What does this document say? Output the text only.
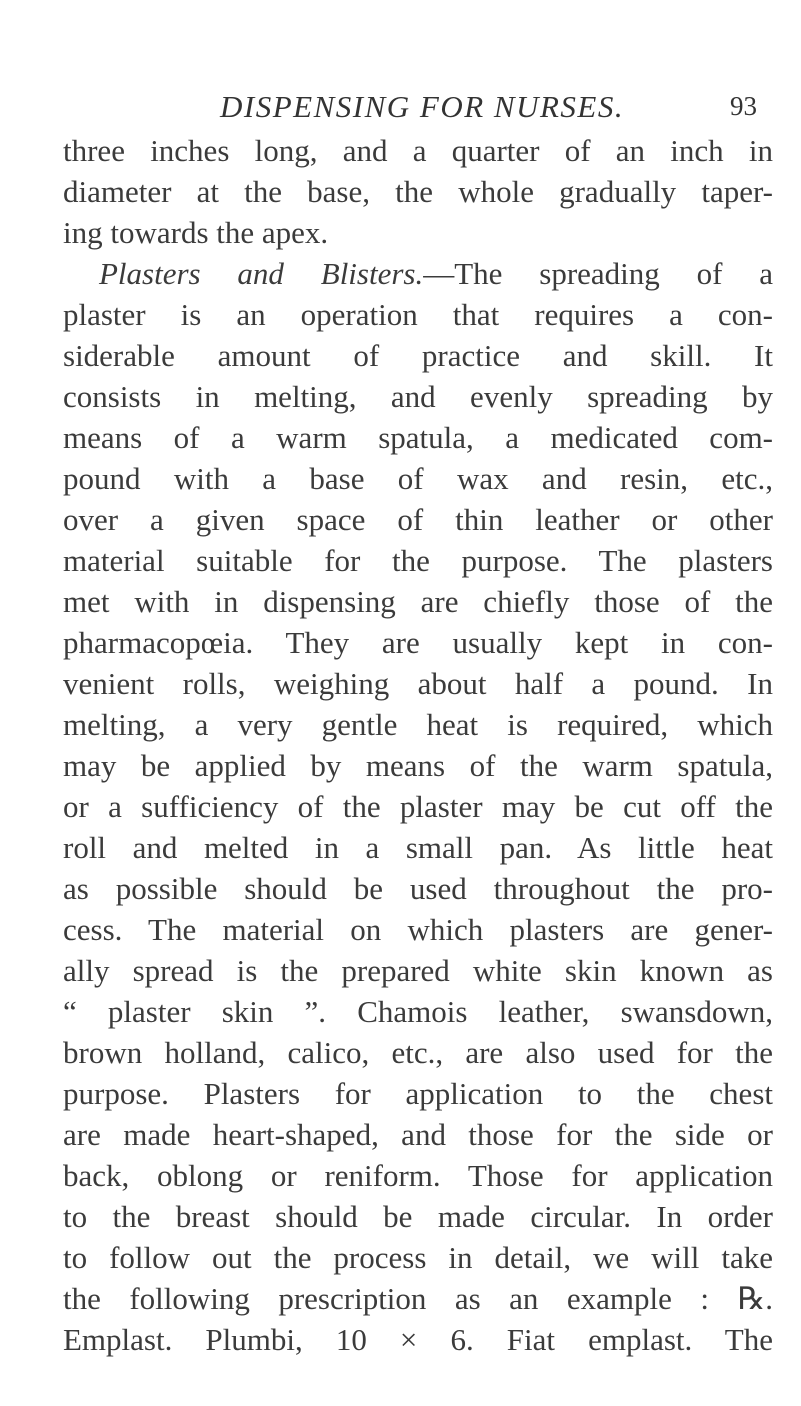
DISPENSING FOR NURSES.	93
three inches long, and a quarter of an inch in
diameter at the base, the whole gradually taper-
ing towards the apex.
Plasters and Blisters.—The spreading of a
plaster is an operation that requires a con-
siderable amount of practice and skill. It
consists in melting, and evenly spreading by
means of a warm spatula, a medicated com-
pound with a base of wax and resin, etc.,
over a given space of thin leather or other
material suitable for the purpose. The plasters
met with in dispensing are chiefly those of the
pharmacopœia. They are usually kept in con-
venient rolls, weighing about half a pound. In
melting, a very gentle heat is required, which
may be applied by means of the warm spatula,
or a sufficiency of the plaster may be cut off the
roll and melted in a small pan. As little heat
as possible should be used throughout the pro-
cess. The material on which plasters are gener-
ally spread is the prepared white skin known as
“ plaster skin ”. Chamois leather, swansdown,
brown holland, calico, etc., are also used for the
purpose. Plasters for application to the chest
are made heart-shaped, and those for the side or
back, oblong or reniform. Those for application
to the breast should be made circular. In order
to follow out the process in detail, we will take
the following prescription as an example : ℞.
Emplast. Plumbi, 10 × 6. Fiat emplast. The
